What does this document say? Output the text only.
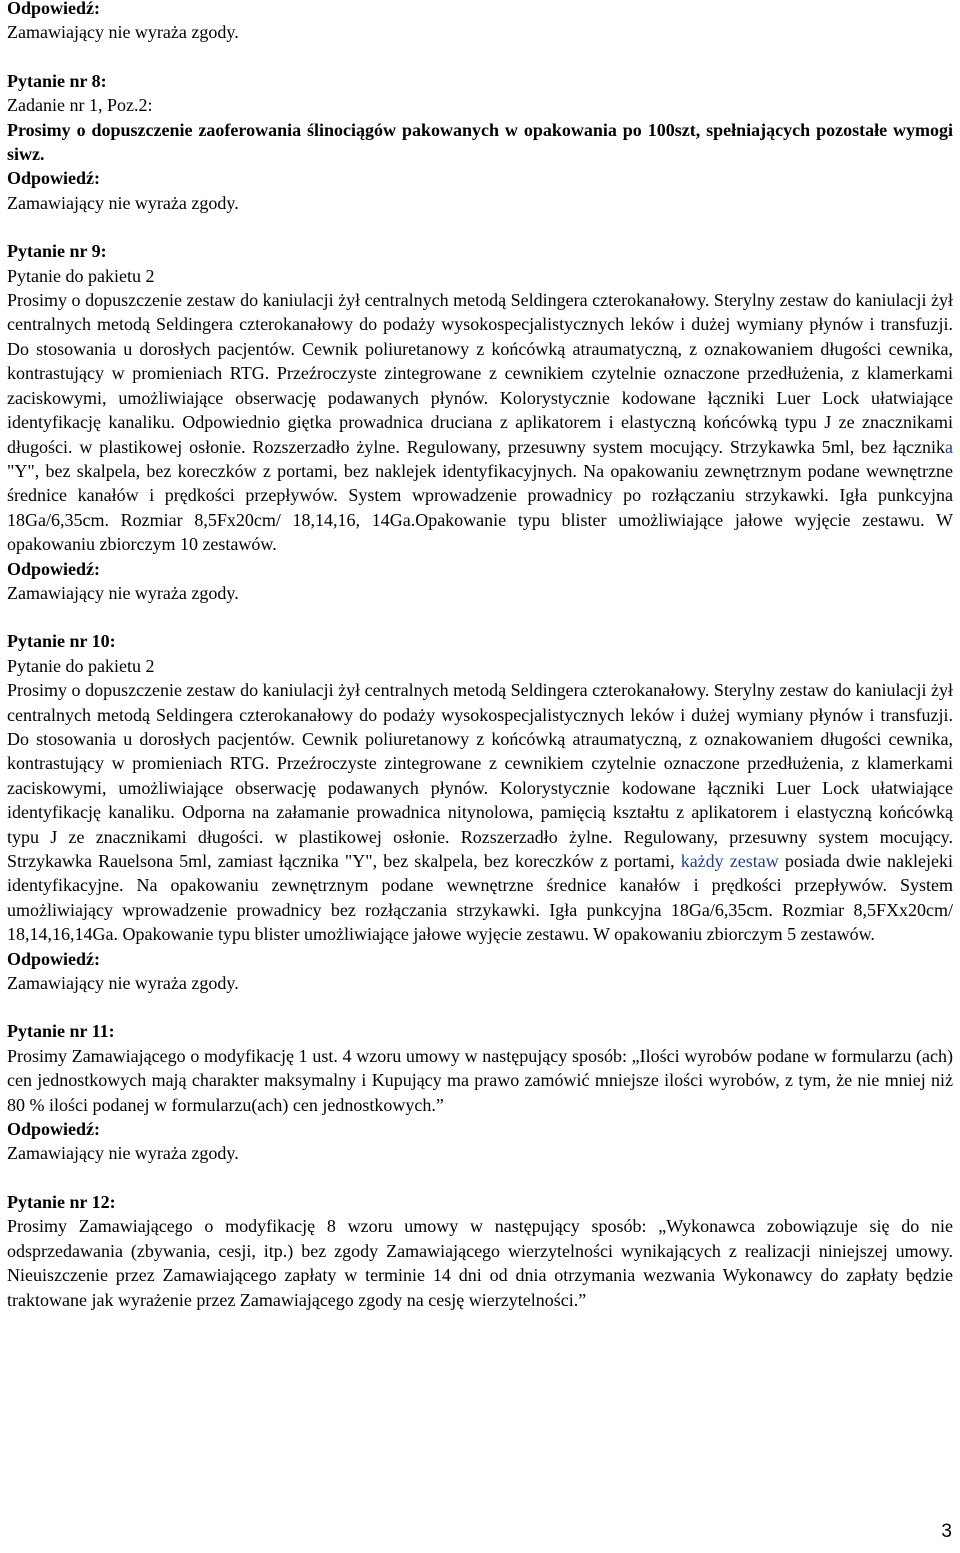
Odpowiedź:

Zamawiający nie wyraża zgody.

Pytanie nr 8:

Zadanie nr 1, Poz.2:

Prosimy o dopuszczenie zaoferowania ślinociągów pakowanych w opakowania po 100szt, spełniających pozostałe wymogi siwz.

Odpowiedź:

Zamawiający nie wyraża zgody.

Pytanie nr 9:

Pytanie do pakietu 2

Prosimy o dopuszczenie zestaw do kaniulacji żył centralnych metodą Seldingera czterokanałowy. Sterylny zestaw do kaniulacji żył centralnych metodą Seldingera czterokanałowy do podaży wysokospecjalistycznych leków i dużej wymiany płynów i transfuzji. Do stosowania u dorosłych pacjentów. Cewnik poliuretanowy z końcówką atraumatyczną, z oznakowaniem długości cewnika, kontrastujący w promieniach RTG. Przeźroczyste zintegrowane z cewnikiem czytelnie oznaczone przedłużenia, z klamerkami zaciskowymi, umożliwiające obserwację podawanych płynów. Kolorystycznie kodowane łączniki Luer Lock ułatwiające identyfikację kanaliku. Odpowiednio giętka prowadnica druciana z aplikatorem i elastyczną końcówką typu J ze znacznikami długości. w plastikowej osłonie. Rozszerzadło żylne. Regulowany, przesuwny system mocujący. Strzykawka 5ml, bez łącznika "Y", bez skalpela, bez koreczków z portami, bez naklejek identyfikacyjnych. Na opakowaniu zewnętrznym podane wewnętrzne średnice kanałów i prędkości przepływów. System wprowadzenie prowadnicy po rozłączaniu strzykawki. Igła punkcyjna 18Ga/6,35cm. Rozmiar 8,5Fx20cm/ 18,14,16, 14Ga.Opakowanie typu blister umożliwiające jałowe wyjęcie zestawu. W opakowaniu zbiorczym 10 zestawów.

Odpowiedź:

Zamawiający nie wyraża zgody.

Pytanie nr 10:

Pytanie do pakietu 2

Prosimy o dopuszczenie zestaw do kaniulacji żył centralnych metodą Seldingera czterokanałowy. Sterylny zestaw do kaniulacji żył centralnych metodą Seldingera czterokanałowy do podaży wysokospecjalistycznych leków i dużej wymiany płynów i transfuzji. Do stosowania u dorosłych pacjentów. Cewnik poliuretanowy z końcówką atraumatyczną, z oznakowaniem długości cewnika, kontrastujący w promieniach RTG. Przeźroczyste zintegrowane z cewnikiem czytelnie oznaczone przedłużenia, z klamerkami zaciskowymi, umożliwiające obserwację podawanych płynów. Kolorystycznie kodowane łączniki Luer Lock ułatwiające identyfikację kanaliku. Odporna na załamanie prowadnica nitynolowa, pamięcią kształtu z aplikatorem i elastyczną końcówką typu J ze znacznikami długości. w plastikowej osłonie. Rozszerzadło żylne. Regulowany, przesuwny system mocujący. Strzykawka Rauelsona 5ml, zamiast łącznika "Y", bez skalpela, bez koreczków z portami, każdy zestaw posiada dwie naklejeki identyfikacyjne. Na opakowaniu zewnętrznym podane wewnętrzne średnice kanałów i prędkości przepływów. System umożliwiający wprowadzenie prowadnicy bez rozłączania strzykawki. Igła punkcyjna 18Ga/6,35cm. Rozmiar 8,5FXx20cm/ 18,14,16,14Ga. Opakowanie typu blister umożliwiające jałowe wyjęcie zestawu. W opakowaniu zbiorczym 5 zestawów.

Odpowiedź:

Zamawiający nie wyraża zgody.

Pytanie nr 11:

Prosimy Zamawiającego o modyfikację 1 ust. 4 wzoru umowy w następujący sposób: „Ilości wyrobów podane w formularzu (ach) cen jednostkowych mają charakter maksymalny i Kupujący ma prawo zamówić mniejsze ilości wyrobów, z tym, że nie mniej niż 80 % ilości podanej w formularzu(ach) cen jednostkowych.”

Odpowiedź:

Zamawiający nie wyraża zgody.

Pytanie nr 12:

Prosimy Zamawiającego o modyfikację 8 wzoru umowy w następujący sposób: „Wykonawca zobowiązuje się do nie odsprzedawania (zbywania, cesji, itp.) bez zgody Zamawiającego wierzytelności wynikających z realizacji niniejszej umowy. Nieuiszczenie przez Zamawiającego zapłaty w terminie 14 dni od dnia otrzymania wezwania Wykonawcy do zapłaty będzie traktowane jak wyrażenie przez Zamawiającego zgody na cesję wierzytelności.”

3
